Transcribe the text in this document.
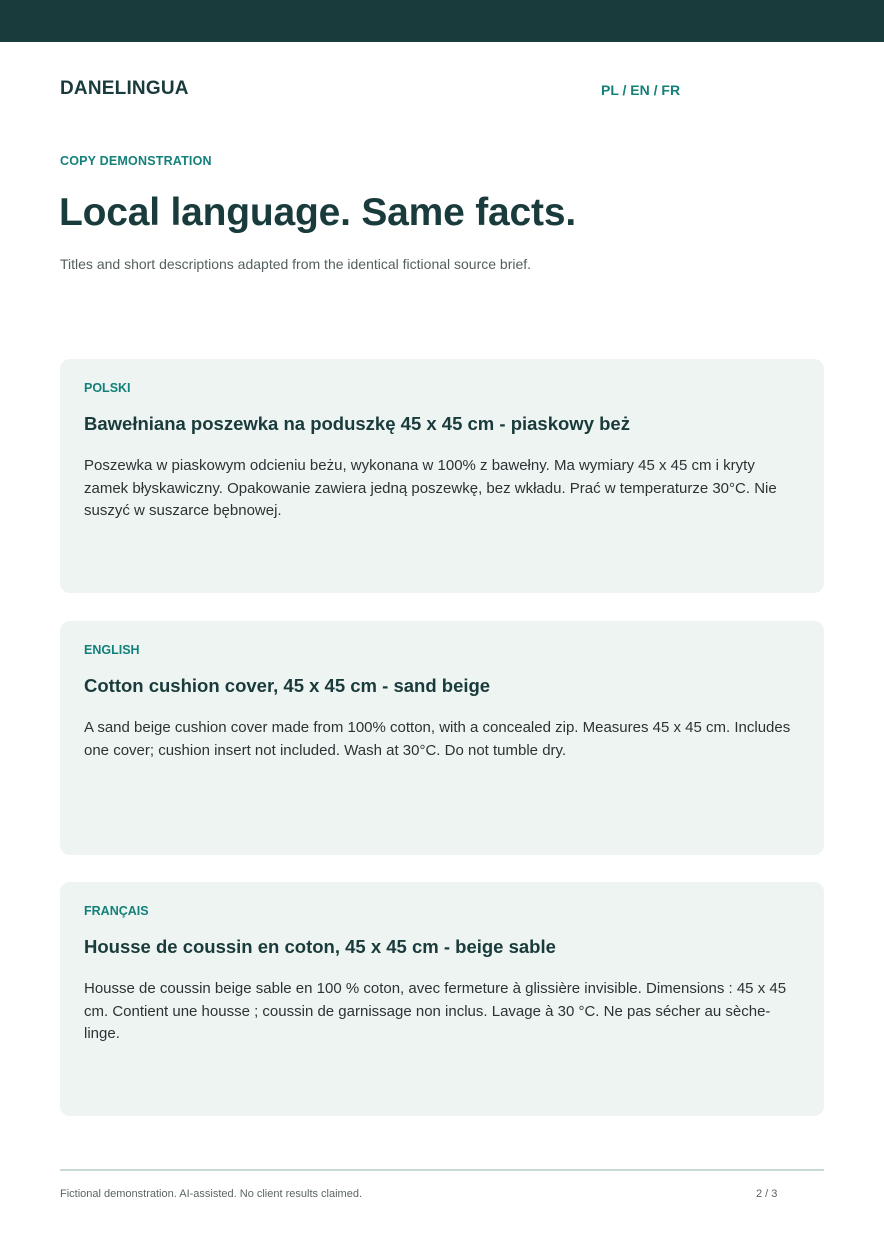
DANELINGUA	PL / EN / FR
COPY DEMONSTRATION
Local language. Same facts.

Titles and short descriptions adapted from the identical fictional source brief.

POLSKI
Bawełniana poszewka na poduszkę 45 x 45 cm - piaskowy beż

Poszewka w piaskowym odcieniu beżu, wykonana w 100% z bawełny. Ma wymiary 45 x 45 cm i kryty zamek błyskawiczny. Opakowanie zawiera jedną poszewkę, bez wkładu. Prać w temperaturze 30°C. Nie suszyć w suszarce bębnowej.

ENGLISH
Cotton cushion cover, 45 x 45 cm - sand beige

A sand beige cushion cover made from 100% cotton, with a concealed zip. Measures 45 x 45 cm. Includes one cover; cushion insert not included. Wash at 30°C. Do not tumble dry.

FRANÇAIS
Housse de coussin en coton, 45 x 45 cm - beige sable

Housse de coussin beige sable en 100 % coton, avec fermeture à glissière invisible. Dimensions : 45 x 45 cm. Contient une housse ; coussin de garnissage non inclus. Lavage à 30 °C. Ne pas sécher au sèche-linge.

Fictional demonstration. AI-assisted. No client results claimed.	2 / 3
